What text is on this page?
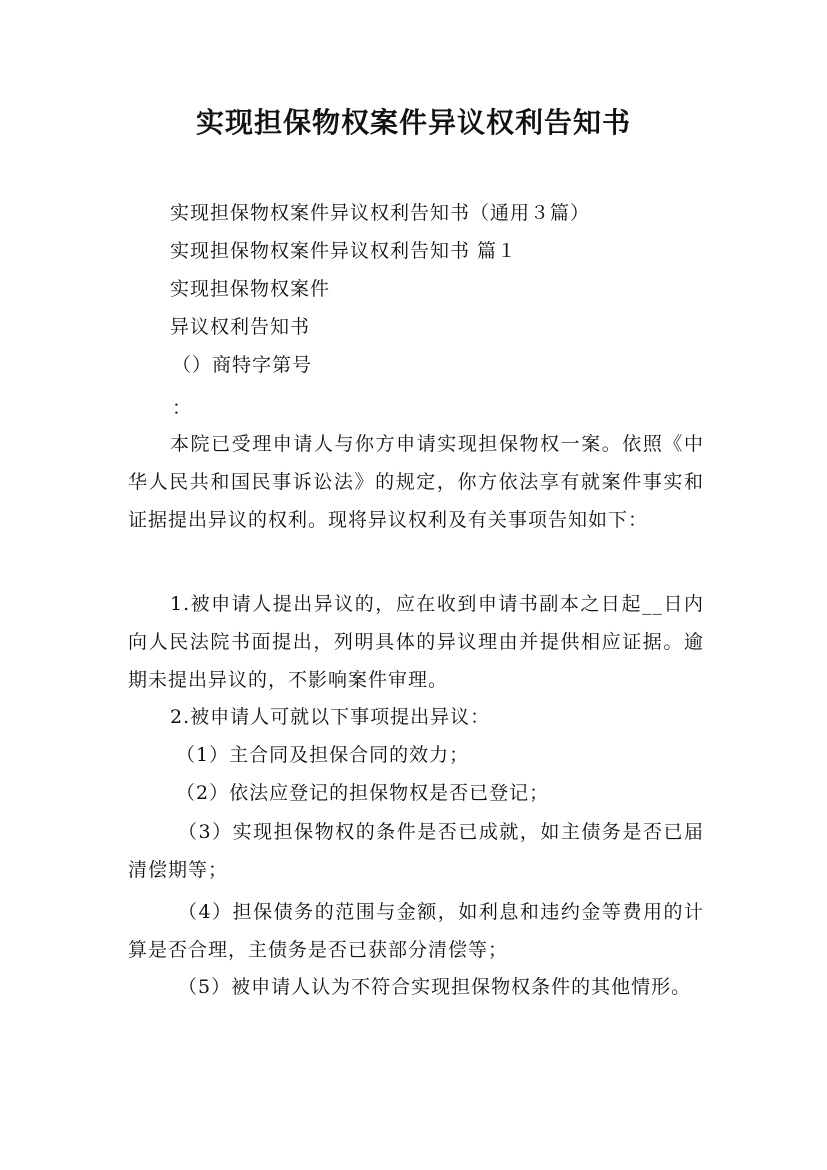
实现担保物权案件异议权利告知书
实现担保物权案件异议权利告知书（通用３篇）
实现担保物权案件异议权利告知书 篇１
实现担保物权案件
异议权利告知书
（）商特字第号
：

本院已受理申请人与你方申请实现担保物权一案。依照《中华人民共和国民事诉讼法》的规定，你方依法享有就案件事实和证据提出异议的权利。现将异议权利及有关事项告知如下：

1.被申请人提出异议的，应在收到申请书副本之日起__日内向人民法院书面提出，列明具体的异议理由并提供相应证据。逾期未提出异议的，不影响案件审理。

2.被申请人可就以下事项提出异议：
（1）主合同及担保合同的效力；
（2）依法应登记的担保物权是否已登记；

（3）实现担保物权的条件是否已成就，如主债务是否已届清偿期等；

（4）担保债务的范围与金额，如利息和违约金等费用的计算是否合理，主债务是否已获部分清偿等；

（5）被申请人认为不符合实现担保物权条件的其他情形。
